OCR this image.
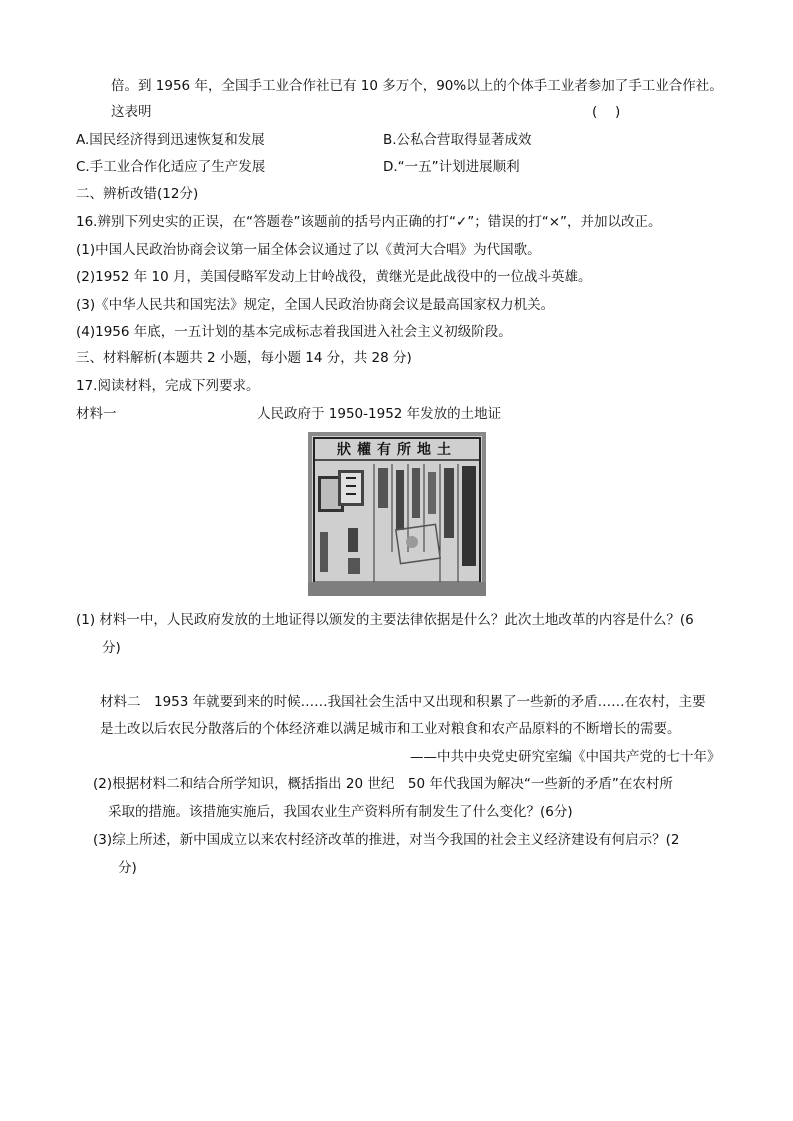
倍。到 1956 年，全国手工业合作社已有 10 多万个，90%以上的个体手工业者参加了手工业合作社。
这表明	(　 )
A.国民经济得到迅速恢复和发展	B.公私合营取得显著成效
C.手工业合作化适应了生产发展	D.“一五”计划进展顺利
二、辨析改错(12分)
16.辨别下列史实的正误，在“答题卷”该题前的括号内正确的打“✓”；错误的打“×”，并加以改正。
(1)中国人民政治协商会议第一届全体会议通过了以《黄河大合唱》为代国歌。
(2)1952 年 10 月，美国侵略军发动上甘岭战役，黄继光是此战役中的一位战斗英雄。
(3)《中华人民共和国宪法》规定，全国人民政治协商会议是最高国家权力机关。
(4)1956 年底，一五计划的基本完成标志着我国进入社会主义初级阶段。
三、材料解析(本题共 2 小题，每小题 14 分，共 28 分)
17.阅读材料，完成下列要求。
材料一	人民政府于 1950-1952 年发放的土地证
狀權有所地土
(1) 材料一中，人民政府发放的土地证得以颁发的主要法律依据是什么？此次土地改革的内容是什么？(6
分)
材料二　1953 年就要到来的时候……我国社会生活中又出现和积累了一些新的矛盾……在农村，主要
是土改以后农民分散落后的个体经济难以满足城市和工业对粮食和农产品原料的不断增长的需要。
——中共中央党史研究室编《中国共产党的七十年》
(2)根据材料二和结合所学知识，概括指出 20 世纪　50 年代我国为解决“一些新的矛盾”在农村所
采取的措施。该措施实施后，我国农业生产资料所有制发生了什么变化？(6分)
(3)综上所述，新中国成立以来农村经济改革的推进，对当今我国的社会主义经济建设有何启示？(2
分)
